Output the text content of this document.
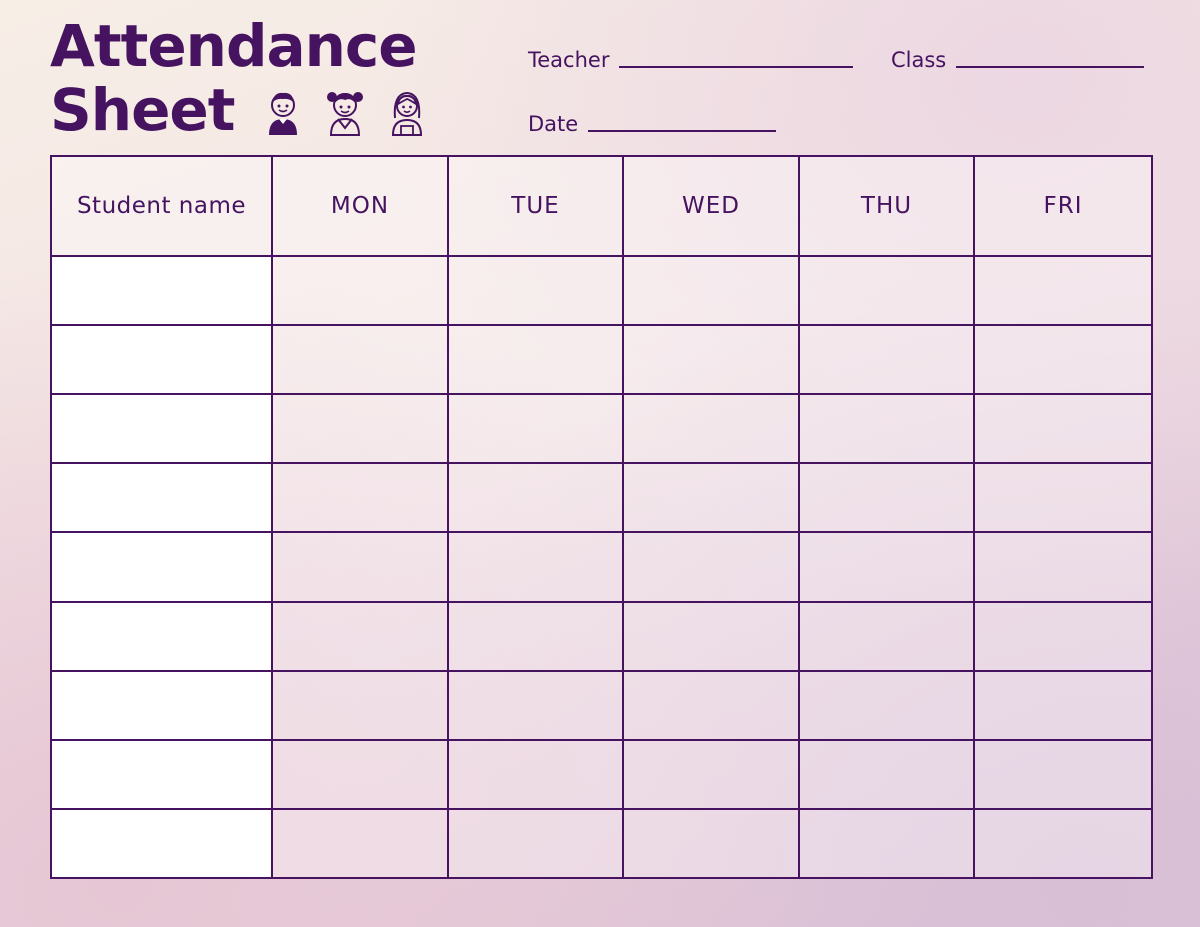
Attendance
Sheet
Teacher	Class
Date
Student name	MON	TUE	WED	THU	FRI
